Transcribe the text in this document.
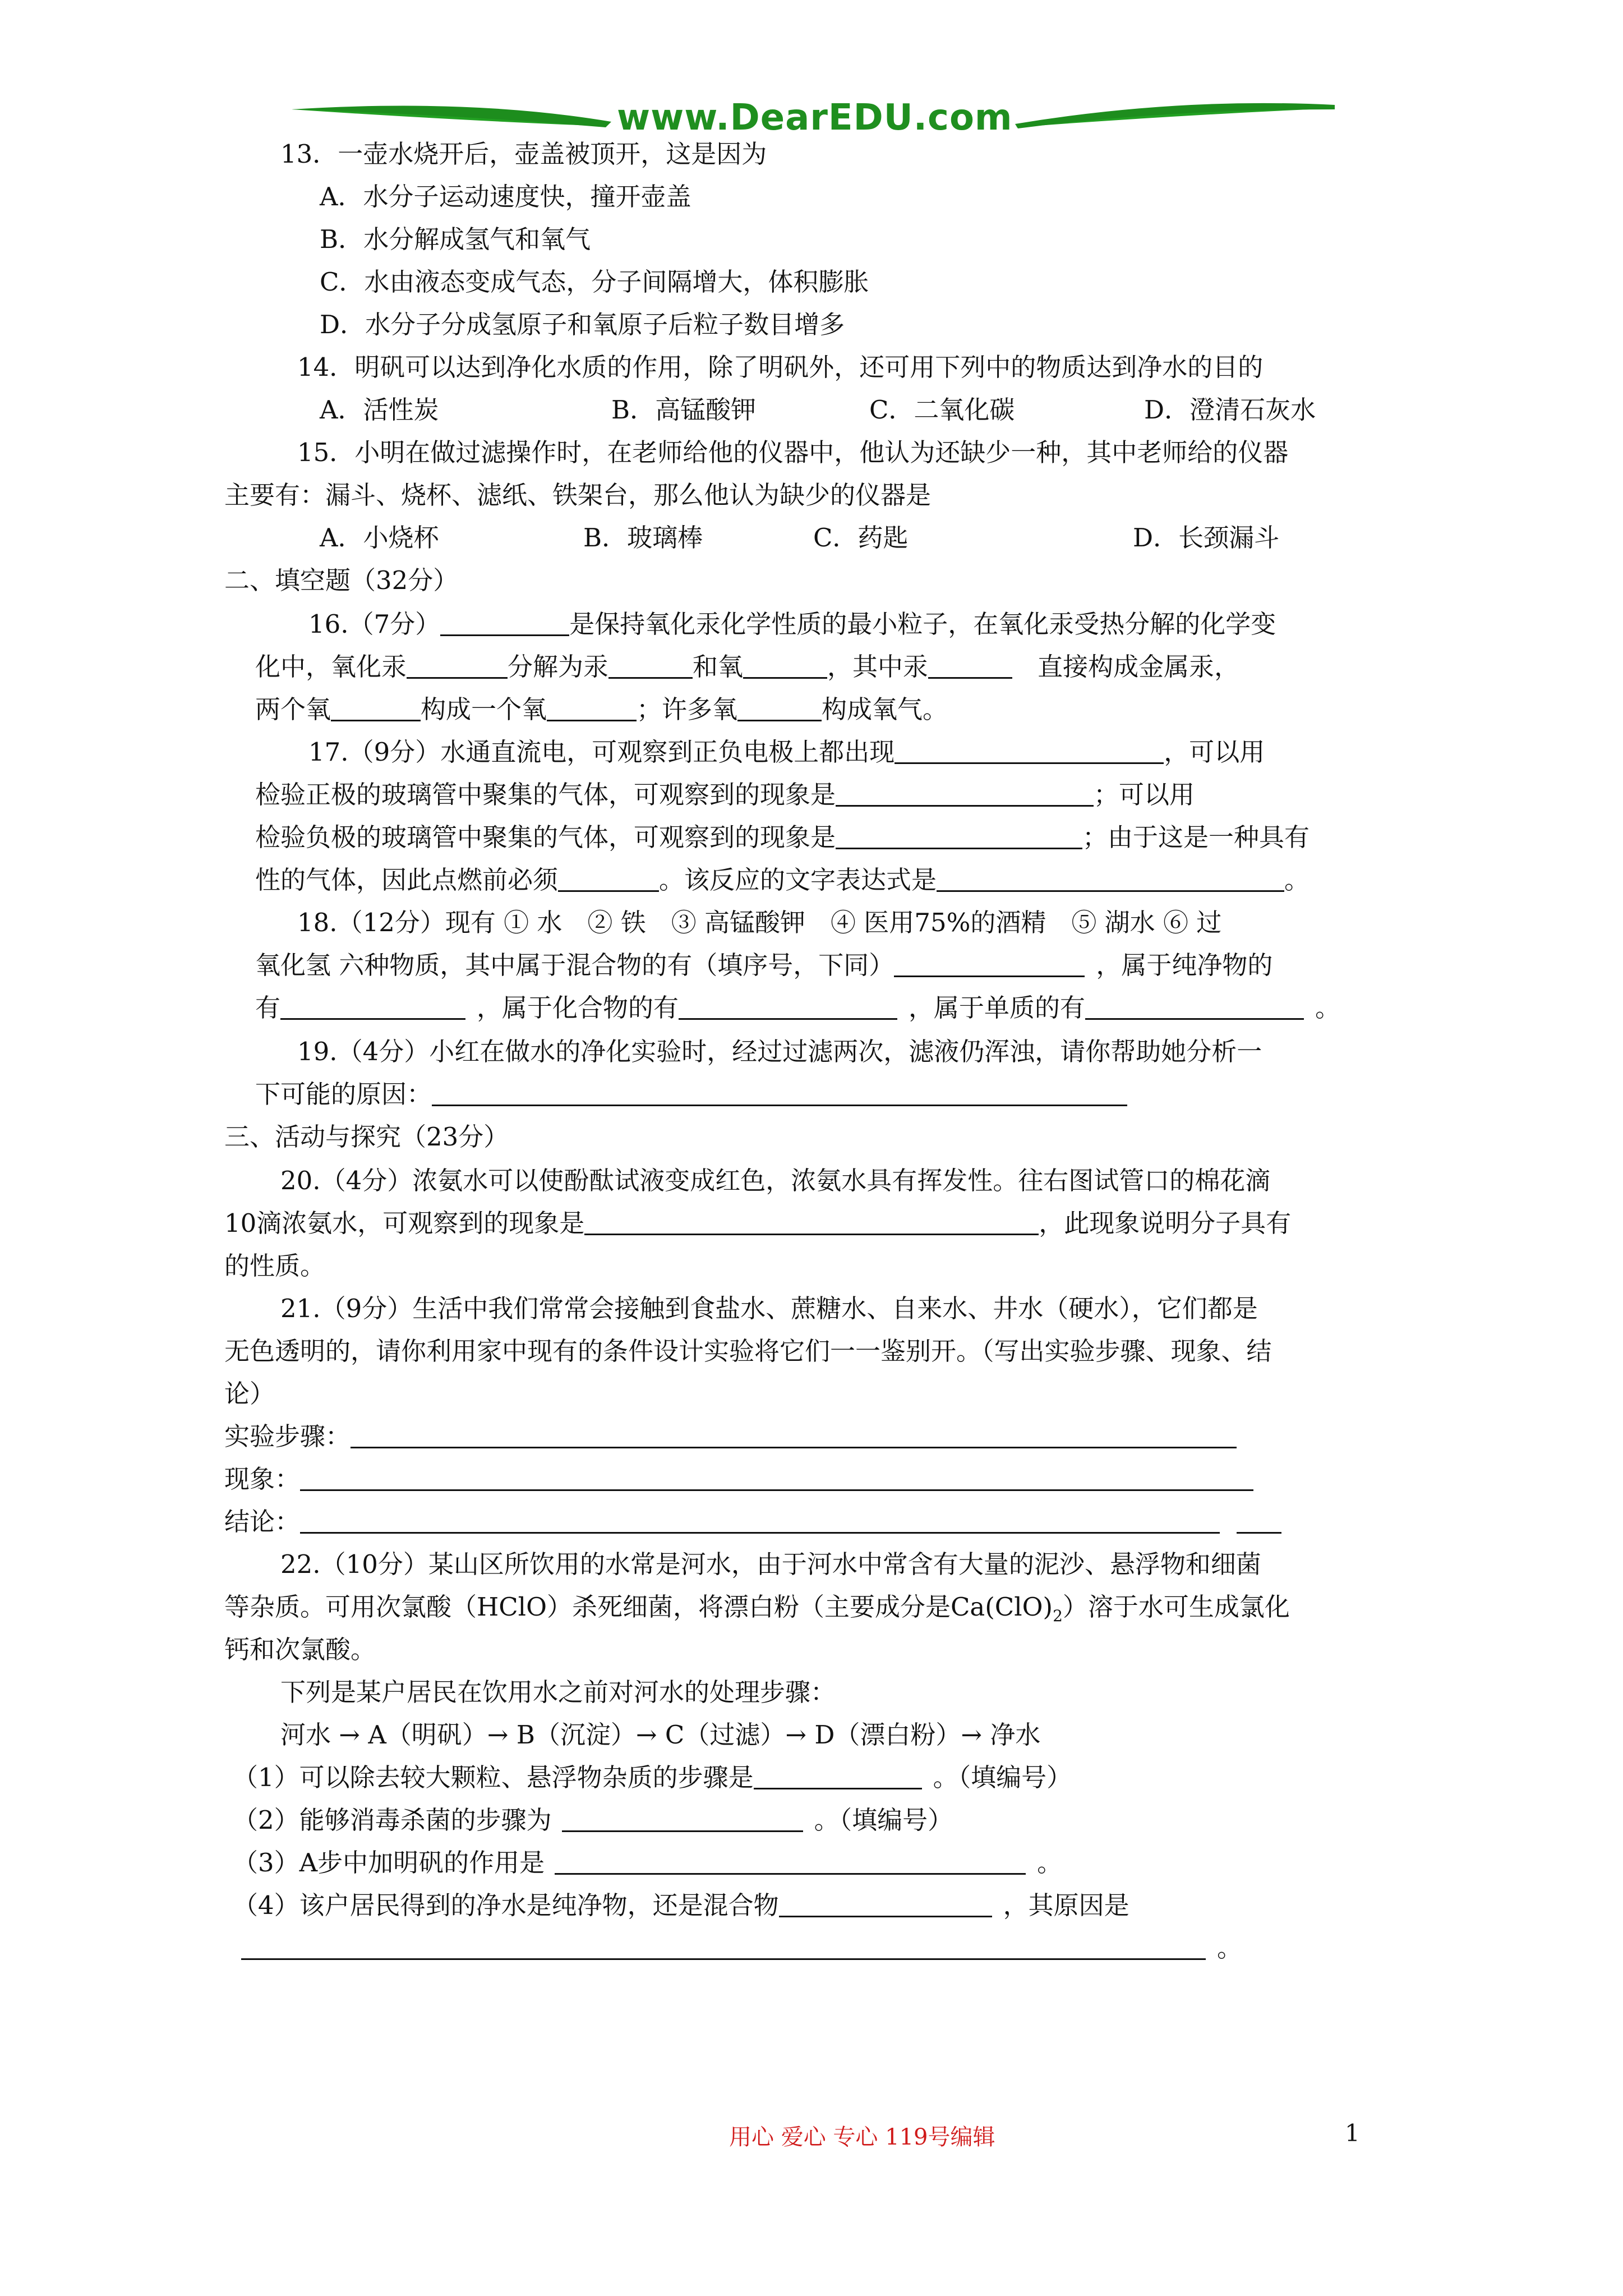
www.DearEDU.com
13．一壶水烧开后，壶盖被顶开，这是因为
A．水分子运动速度快，撞开壶盖
B．水分解成氢气和氧气
C．水由液态变成气态，分子间隔增大，体积膨胀
D．水分子分成氢原子和氧原子后粒子数目增多
14．明矾可以达到净化水质的作用，除了明矾外，还可用下列中的物质达到净水的目的
A．活性炭	B．高锰酸钾	C．二氧化碳	D．澄清石灰水
15．小明在做过滤操作时，在老师给他的仪器中，他认为还缺少一种，其中老师给的仪器
主要有：漏斗、烧杯、滤纸、铁架台，那么他认为缺少的仪器是
A．小烧杯	B．玻璃棒	C．药匙	D．长颈漏斗
二、填空题（32分）
16.（7分）	是保持氧化汞化学性质的最小粒子，在氧化汞受热分解的化学变
化中，氧化汞	分解为汞	和氧	，其中汞	直接构成金属汞，
两个氧	构成一个氧	；许多氧	构成氧气。
17.（9分）水通直流电，可观察到正负电极上都出现	，可以用
检验正极的玻璃管中聚集的气体，可观察到的现象是	；可以用
检验负极的玻璃管中聚集的气体，可观察到的现象是	；由于这是一种具有
性的气体，因此点燃前必须	。该反应的文字表达式是	。
18.（12分）现有 ① 水　② 铁　③ 高锰酸钾　④ 医用75%的酒精　⑤ 湖水 ⑥ 过
氧化氢 六种物质，其中属于混合物的有（填序号，下同）	，属于纯净物的
有	，属于化合物的有	，属于单质的有	。
19.（4分）小红在做水的净化实验时，经过过滤两次，滤液仍浑浊，请你帮助她分析一
下可能的原因：
三、活动与探究（23分）
20.（4分）浓氨水可以使酚酞试液变成红色，浓氨水具有挥发性。往右图试管口的棉花滴
10滴浓氨水，可观察到的现象是	，此现象说明分子具有
的性质。
21.（9分）生活中我们常常会接触到食盐水、蔗糖水、自来水、井水（硬水），它们都是
无色透明的，请你利用家中现有的条件设计实验将它们一一鉴别开。（写出实验步骤、现象、结
论）
实验步骤：
现象：
结论：
22.（10分）某山区所饮用的水常是河水，由于河水中常含有大量的泥沙、悬浮物和细菌
等杂质。可用次氯酸（HClO）杀死细菌，将漂白粉（主要成分是$Ca(ClO)_2$）溶于水可生成氯化
钙和次氯酸。
下列是某户居民在饮用水之前对河水的处理步骤：
河水 → A（明矾）→ B（沉淀）→ C（过滤）→ D（漂白粉）→ 净水
（1）可以除去较大颗粒、悬浮物杂质的步骤是	。（填编号）
（2）能够消毒杀菌的步骤为	。（填编号）
（3）A步中加明矾的作用是	。
（4）该户居民得到的净水是纯净物，还是混合物	，其原因是
。
用心 爱心 专心 119号编辑	1
